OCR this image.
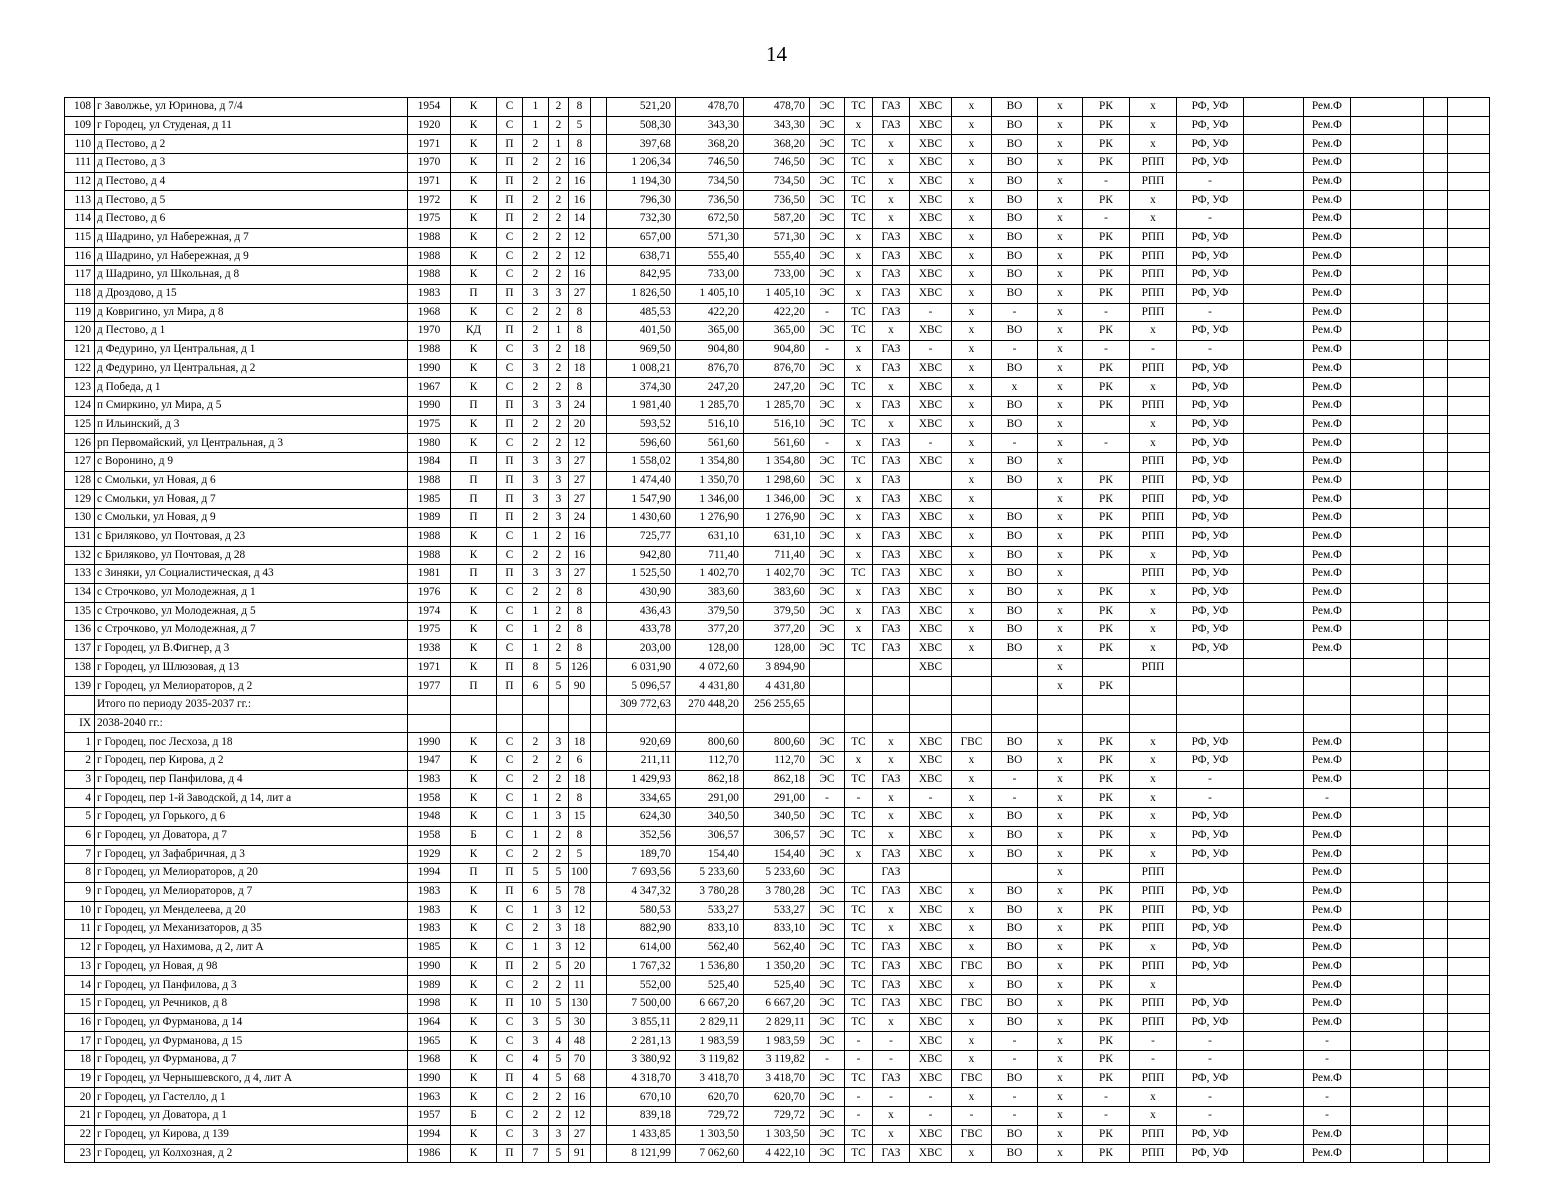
14
108	г Заволжье, ул Юринова, д 7/4	1954	К	С	1	2	8		521,20	478,70	478,70	ЭС	ТС	ГАЗ	ХВС	х	ВО	х	РК	х	РФ, УФ		Рем.Ф			
109	г Городец, ул Студеная, д 11	1920	К	С	1	2	5		508,30	343,30	343,30	ЭС	х	ГАЗ	ХВС	х	ВО	х	РК	х	РФ, УФ		Рем.Ф			
110	д Пестово, д 2	1971	К	П	2	1	8		397,68	368,20	368,20	ЭС	ТС	х	ХВС	х	ВО	х	РК	х	РФ, УФ		Рем.Ф			
111	д Пестово, д 3	1970	К	П	2	2	16		1 206,34	746,50	746,50	ЭС	ТС	х	ХВС	х	ВО	х	РК	РПП	РФ, УФ		Рем.Ф			
112	д Пестово, д 4	1971	К	П	2	2	16		1 194,30	734,50	734,50	ЭС	ТС	х	ХВС	х	ВО	х	-	РПП	-		Рем.Ф			
113	д Пестово, д 5	1972	К	П	2	2	16		796,30	736,50	736,50	ЭС	ТС	х	ХВС	х	ВО	х	РК	х	РФ, УФ		Рем.Ф			
114	д Пестово, д 6	1975	К	П	2	2	14		732,30	672,50	587,20	ЭС	ТС	х	ХВС	х	ВО	х	-	х	-		Рем.Ф			
115	д Шадрино, ул Набережная, д 7	1988	К	С	2	2	12		657,00	571,30	571,30	ЭС	х	ГАЗ	ХВС	х	ВО	х	РК	РПП	РФ, УФ		Рем.Ф			
116	д Шадрино, ул Набережная, д 9	1988	К	С	2	2	12		638,71	555,40	555,40	ЭС	х	ГАЗ	ХВС	х	ВО	х	РК	РПП	РФ, УФ		Рем.Ф			
117	д Шадрино, ул Школьная, д 8	1988	К	С	2	2	16		842,95	733,00	733,00	ЭС	х	ГАЗ	ХВС	х	ВО	х	РК	РПП	РФ, УФ		Рем.Ф			
118	д Дроздово, д 15	1983	П	П	3	3	27		1 826,50	1 405,10	1 405,10	ЭС	х	ГАЗ	ХВС	х	ВО	х	РК	РПП	РФ, УФ		Рем.Ф			
119	д Ковригино, ул Мира, д 8	1968	К	С	2	2	8		485,53	422,20	422,20	-	ТС	ГАЗ	-	х	-	х	-	РПП	-		Рем.Ф			
120	д Пестово, д 1	1970	КД	П	2	1	8		401,50	365,00	365,00	ЭС	ТС	х	ХВС	х	ВО	х	РК	х	РФ, УФ		Рем.Ф			
121	д Федурино, ул Центральная, д 1	1988	К	С	3	2	18		969,50	904,80	904,80	-	х	ГАЗ	-	х	-	х	-	-	-		Рем.Ф			
122	д Федурино, ул Центральная, д 2	1990	К	С	3	2	18		1 008,21	876,70	876,70	ЭС	х	ГАЗ	ХВС	х	ВО	х	РК	РПП	РФ, УФ		Рем.Ф			
123	д Победа, д 1	1967	К	С	2	2	8		374,30	247,20	247,20	ЭС	ТС	х	ХВС	х	х	х	РК	х	РФ, УФ		Рем.Ф			
124	п Смиркино, ул Мира, д 5	1990	П	П	3	3	24		1 981,40	1 285,70	1 285,70	ЭС	х	ГАЗ	ХВС	х	ВО	х	РК	РПП	РФ, УФ		Рем.Ф			
125	п Ильинский, д 3	1975	К	П	2	2	20		593,52	516,10	516,10	ЭС	ТС	х	ХВС	х	ВО	х		х	РФ, УФ		Рем.Ф			
126	рп Первомайский, ул Центральная, д 3	1980	К	С	2	2	12		596,60	561,60	561,60	-	х	ГАЗ	-	х	-	х	-	х	РФ, УФ		Рем.Ф			
127	с Воронино, д 9	1984	П	П	3	3	27		1 558,02	1 354,80	1 354,80	ЭС	ТС	ГАЗ	ХВС	х	ВО	х		РПП	РФ, УФ		Рем.Ф			
128	с Смольки, ул Новая, д 6	1988	П	П	3	3	27		1 474,40	1 350,70	1 298,60	ЭС	х	ГАЗ		х	ВО	х	РК	РПП	РФ, УФ		Рем.Ф			
129	с Смольки, ул Новая, д 7	1985	П	П	3	3	27		1 547,90	1 346,00	1 346,00	ЭС	х	ГАЗ	ХВС	х		х	РК	РПП	РФ, УФ		Рем.Ф			
130	с Смольки, ул Новая, д 9	1989	П	П	2	3	24		1 430,60	1 276,90	1 276,90	ЭС	х	ГАЗ	ХВС	х	ВО	х	РК	РПП	РФ, УФ		Рем.Ф			
131	с Бриляково, ул Почтовая, д 23	1988	К	С	1	2	16		725,77	631,10	631,10	ЭС	х	ГАЗ	ХВС	х	ВО	х	РК	РПП	РФ, УФ		Рем.Ф			
132	с Бриляково, ул Почтовая, д 28	1988	К	С	2	2	16		942,80	711,40	711,40	ЭС	х	ГАЗ	ХВС	х	ВО	х	РК	х	РФ, УФ		Рем.Ф			
133	с Зиняки, ул Социалистическая, д 43	1981	П	П	3	3	27		1 525,50	1 402,70	1 402,70	ЭС	ТС	ГАЗ	ХВС	х	ВО	х		РПП	РФ, УФ		Рем.Ф			
134	с Строчково, ул Молодежная, д 1	1976	К	С	2	2	8		430,90	383,60	383,60	ЭС	х	ГАЗ	ХВС	х	ВО	х	РК	х	РФ, УФ		Рем.Ф			
135	с Строчково, ул Молодежная, д 5	1974	К	С	1	2	8		436,43	379,50	379,50	ЭС	х	ГАЗ	ХВС	х	ВО	х	РК	х	РФ, УФ		Рем.Ф			
136	с Строчково, ул Молодежная, д 7	1975	К	С	1	2	8		433,78	377,20	377,20	ЭС	х	ГАЗ	ХВС	х	ВО	х	РК	х	РФ, УФ		Рем.Ф			
137	г Городец, ул В.Фигнер, д 3	1938	К	С	1	2	8		203,00	128,00	128,00	ЭС	ТС	ГАЗ	ХВС	х	ВО	х	РК	х	РФ, УФ		Рем.Ф			
138	г Городец, ул Шлюзовая, д 13	1971	К	П	8	5	126		6 031,90	4 072,60	3 894,90				ХВС			х		РПП						
139	г Городец, ул Мелиораторов, д 2	1977	П	П	6	5	90		5 096,57	4 431,80	4 431,80							х	РК							
	Итого по периоду 2035-2037 гг.:								309 772,63	270 448,20	256 255,65															
IX	2038-2040 гг.:																									
1	г Городец, пос Лесхоза, д 18	1990	К	С	2	3	18		920,69	800,60	800,60	ЭС	ТС	х	ХВС	ГВС	ВО	х	РК	х	РФ, УФ		Рем.Ф			
2	г Городец, пер Кирова, д 2	1947	К	С	2	2	6		211,11	112,70	112,70	ЭС	х	х	ХВС	х	ВО	х	РК	х	РФ, УФ		Рем.Ф			
3	г Городец, пер Панфилова, д 4	1983	К	С	2	2	18		1 429,93	862,18	862,18	ЭС	ТС	ГАЗ	ХВС	х	-	х	РК	х	-		Рем.Ф			
4	г Городец, пер 1-й Заводской, д 14, лит а	1958	К	С	1	2	8		334,65	291,00	291,00	-	-	х	-	х	-	х	РК	х	-		-			
5	г Городец, ул Горького, д 6	1948	К	С	1	3	15		624,30	340,50	340,50	ЭС	ТС	х	ХВС	х	ВО	х	РК	х	РФ, УФ		Рем.Ф			
6	г Городец, ул Доватора, д 7	1958	Б	С	1	2	8		352,56	306,57	306,57	ЭС	ТС	х	ХВС	х	ВО	х	РК	х	РФ, УФ		Рем.Ф			
7	г Городец, ул Зафабричная, д 3	1929	К	С	2	2	5		189,70	154,40	154,40	ЭС	х	ГАЗ	ХВС	х	ВО	х	РК	х	РФ, УФ		Рем.Ф			
8	г Городец, ул Мелиораторов, д 20	1994	П	П	5	5	100		7 693,56	5 233,60	5 233,60	ЭС		ГАЗ				х		РПП			Рем.Ф			
9	г Городец, ул Мелиораторов, д 7	1983	К	П	6	5	78		4 347,32	3 780,28	3 780,28	ЭС	ТС	ГАЗ	ХВС	х	ВО	х	РК	РПП	РФ, УФ		Рем.Ф			
10	г Городец, ул Менделеева, д 20	1983	К	С	1	3	12		580,53	533,27	533,27	ЭС	ТС	х	ХВС	х	ВО	х	РК	РПП	РФ, УФ		Рем.Ф			
11	г Городец, ул Механизаторов, д 35	1983	К	С	2	3	18		882,90	833,10	833,10	ЭС	ТС	х	ХВС	х	ВО	х	РК	РПП	РФ, УФ		Рем.Ф			
12	г Городец, ул Нахимова, д 2, лит А	1985	К	С	1	3	12		614,00	562,40	562,40	ЭС	ТС	ГАЗ	ХВС	х	ВО	х	РК	х	РФ, УФ		Рем.Ф			
13	г Городец, ул Новая, д 98	1990	К	П	2	5	20		1 767,32	1 536,80	1 350,20	ЭС	ТС	ГАЗ	ХВС	ГВС	ВО	х	РК	РПП	РФ, УФ		Рем.Ф			
14	г Городец, ул Панфилова, д 3	1989	К	С	2	2	11		552,00	525,40	525,40	ЭС	ТС	ГАЗ	ХВС	х	ВО	х	РК	х			Рем.Ф			
15	г Городец, ул Речников, д 8	1998	К	П	10	5	130		7 500,00	6 667,20	6 667,20	ЭС	ТС	ГАЗ	ХВС	ГВС	ВО	х	РК	РПП	РФ, УФ		Рем.Ф			
16	г Городец, ул Фурманова, д 14	1964	К	С	3	5	30		3 855,11	2 829,11	2 829,11	ЭС	ТС	х	ХВС	х	ВО	х	РК	РПП	РФ, УФ		Рем.Ф			
17	г Городец, ул Фурманова, д 15	1965	К	С	3	4	48		2 281,13	1 983,59	1 983,59	ЭС	-	-	ХВС	х	-	х	РК	-	-		-			
18	г Городец, ул Фурманова, д 7	1968	К	С	4	5	70		3 380,92	3 119,82	3 119,82	-	-	-	ХВС	х	-	х	РК	-	-		-			
19	г Городец, ул Чернышевского, д 4, лит А	1990	К	П	4	5	68		4 318,70	3 418,70	3 418,70	ЭС	ТС	ГАЗ	ХВС	ГВС	ВО	х	РК	РПП	РФ, УФ		Рем.Ф			
20	г Городец, ул Гастелло, д 1	1963	К	С	2	2	16		670,10	620,70	620,70	ЭС	-	-	-	х	-	х	-	х	-		-			
21	г Городец, ул Доватора, д 1	1957	Б	С	2	2	12		839,18	729,72	729,72	ЭС	-	х	-	-	-	х	-	х	-		-			
22	г Городец, ул Кирова, д 139	1994	К	С	3	3	27		1 433,85	1 303,50	1 303,50	ЭС	ТС	х	ХВС	ГВС	ВО	х	РК	РПП	РФ, УФ		Рем.Ф			
23	г Городец, ул Колхозная, д 2	1986	К	П	7	5	91		8 121,99	7 062,60	4 422,10	ЭС	ТС	ГАЗ	ХВС	х	ВО	х	РК	РПП	РФ, УФ		Рем.Ф			
